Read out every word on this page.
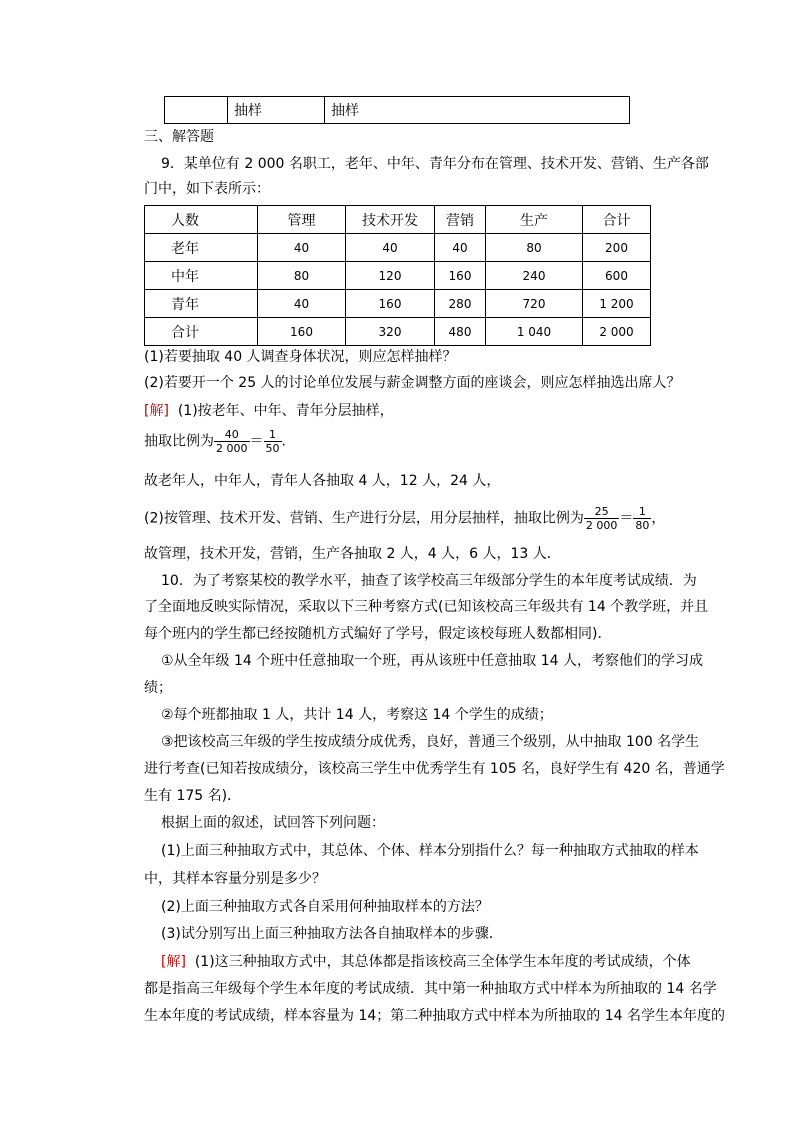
	抽样	抽样
三、解答题
9．某单位有 2 000 名职工，老年、中年、青年分布在管理、技术开发、营销、生产各部
门中，如下表所示：
人数	管理	技术开发	营销	生产	合计
老年	40	40	40	80	200
中年	80	120	160	240	600
青年	40	160	280	720	1 200
合计	160	320	480	1 040	2 000
(1)若要抽取 40 人调查身体状况，则应怎样抽样？
(2)若要开一个 25 人的讨论单位发展与薪金调整方面的座谈会，则应怎样抽选出席人？
[解] (1)按老年、中年、青年分层抽样，
抽取比例为 $\frac{40}{2 000} = \frac{1}{50}$ .
故老年人，中年人，青年人各抽取 4 人，12 人，24 人，
(2)按管理、技术开发、营销、生产进行分层，用分层抽样，抽取比例为 $\frac{25}{2 000} = \frac{1}{80}$ ，
故管理，技术开发，营销，生产各抽取 2 人，4 人，6 人，13 人．
10．为了考察某校的教学水平，抽查了该学校高三年级部分学生的本年度考试成绩．为
了全面地反映实际情况，采取以下三种考察方式(已知该校高三年级共有 14 个教学班，并且
每个班内的学生都已经按随机方式编好了学号，假定该校每班人数都相同)．
①从全年级 14 个班中任意抽取一个班，再从该班中任意抽取 14 人，考察他们的学习成
绩；
②每个班都抽取 1 人，共计 14 人，考察这 14 个学生的成绩；
③把该校高三年级的学生按成绩分成优秀，良好，普通三个级别，从中抽取 100 名学生
进行考查(已知若按成绩分，该校高三学生中优秀学生有 105 名，良好学生有 420 名，普通学
生有 175 名)．
根据上面的叙述，试回答下列问题：
(1)上面三种抽取方式中，其总体、个体、样本分别指什么？每一种抽取方式抽取的样本
中，其样本容量分别是多少？
(2)上面三种抽取方式各自采用何种抽取样本的方法？
(3)试分别写出上面三种抽取方法各自抽取样本的步骤．
[解] (1)这三种抽取方式中，其总体都是指该校高三全体学生本年度的考试成绩，个体
都是指高三年级每个学生本年度的考试成绩．其中第一种抽取方式中样本为所抽取的 14 名学
生本年度的考试成绩，样本容量为 14；第二种抽取方式中样本为所抽取的 14 名学生本年度的
